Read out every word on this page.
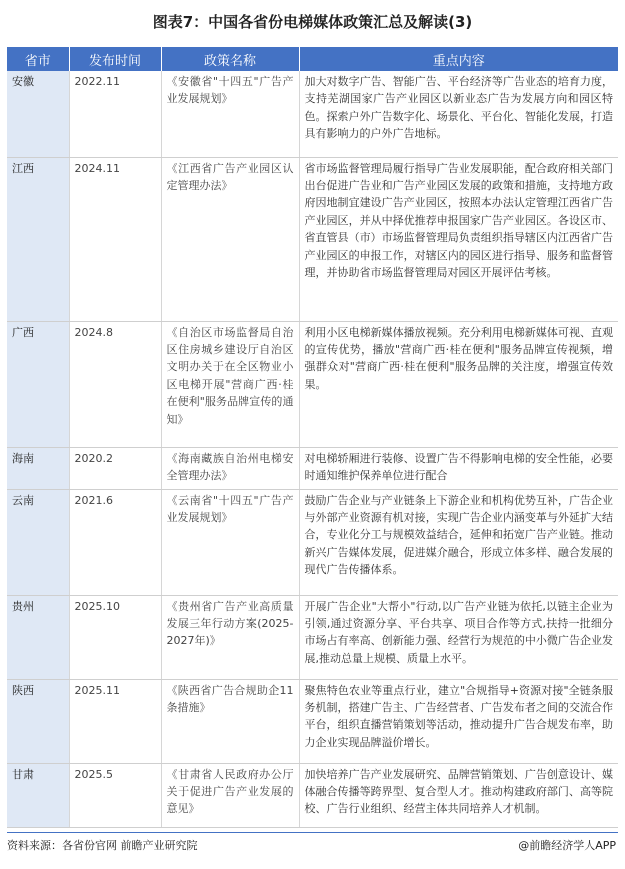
图表7：中国各省份电梯媒体政策汇总及解读(3)
省市	发布时间	政策名称	重点内容
安徽	2022.11	《安徽省"十四五"广告产业发展规划》	加大对数字广告、智能广告、平台经济等广告业态的培育力度，支持芜湖国家广告产业园区以新业态广告为发展方向和园区特色。探索户外广告数字化、场景化、平台化、智能化发展，打造具有影响力的户外广告地标。
江西	2024.11	《江西省广告产业园区认定管理办法》	省市场监督管理局履行指导广告业发展职能，配合政府相关部门出台促进广告业和广告产业园区发展的政策和措施，支持地方政府因地制宜建设广告产业园区，按照本办法认定管理江西省广告产业园区，并从中择优推荐申报国家广告产业园区。各设区市、省直管县（市）市场监督管理局负责组织指导辖区内江西省广告产业园区的申报工作，对辖区内的园区进行指导、服务和监督管理，并协助省市场监督管理局对园区开展评估考核。
广西	2024.8	《自治区市场监督局自治区住房城乡建设厅自治区文明办关于在全区物业小区电梯开展"营商广西·桂在便利"服务品牌宣传的通知》	利用小区电梯新媒体播放视频。充分利用电梯新媒体可视、直观的宣传优势，播放"营商广西·桂在便利"服务品牌宣传视频，增强群众对"营商广西·桂在便利"服务品牌的关注度，增强宣传效果。
海南	2020.2	《海南藏族自治州电梯安全管理办法》	对电梯轿厢进行装修、设置广告不得影响电梯的安全性能，必要时通知维护保养单位进行配合
云南	2021.6	《云南省"十四五"广告产业发展规划》	鼓励广告企业与产业链条上下游企业和机构优势互补，广告企业与外部产业资源有机对接，实现广告企业内涵变革与外延扩大结合，专业化分工与规模效益结合，延伸和拓宽广告产业链。推动新兴广告媒体发展，促进媒介融合，形成立体多样、融合发展的现代广告传播体系。
贵州	2025.10	《贵州省广告产业高质量发展三年行动方案(2025-2027年)》	开展广告企业"大帮小"行动,以广告产业链为依托,以链主企业为引领,通过资源分享、平台共享、项目合作等方式,扶持一批细分市场占有率高、创新能力强、经营行为规范的中小微广告企业发展,推动总量上规模、质量上水平。
陕西	2025.11	《陕西省广告合规助企11条措施》	聚焦特色农业等重点行业，建立"合规指导+资源对接"全链条服务机制，搭建广告主、广告经营者、广告发布者之间的交流合作平台，组织直播营销策划等活动，推动提升广告合规发布率，助力企业实现品牌溢价增长。
甘肃	2025.5	《甘肃省人民政府办公厅关于促进广告产业发展的意见》	加快培养广告产业发展研究、品牌营销策划、广告创意设计、媒体融合传播等跨界型、复合型人才。推动构建政府部门、高等院校、广告行业组织、经营主体共同培养人才机制。
资料来源：各省份官网 前瞻产业研究院	@前瞻经济学人APP
